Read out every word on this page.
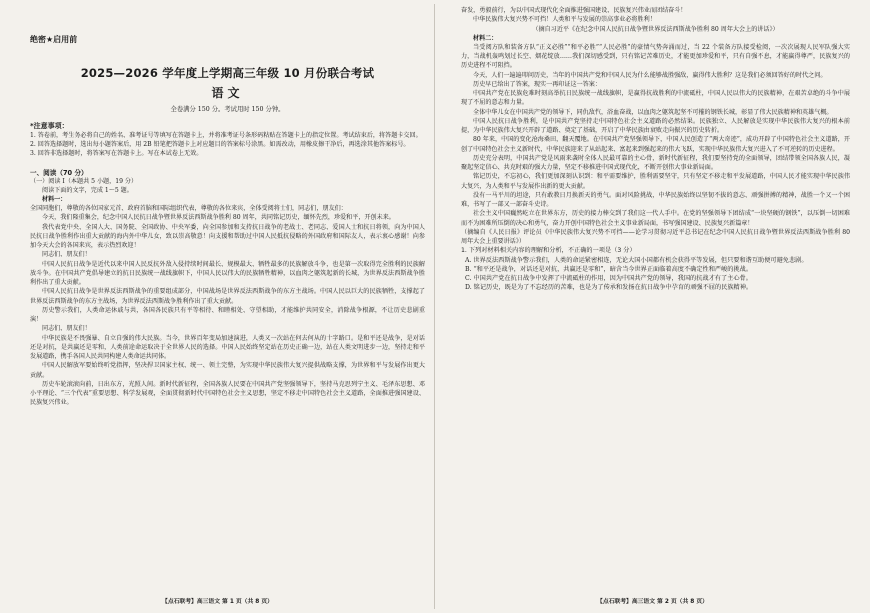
绝密★启用前
2025—2026 学年度上学期高三年级 10 月份联合考试
语文
全卷满分 150 分。考试用时 150 分钟。
*注意事项：
1. 答卷前，考生务必将自己的姓名、准考证号等填写在答题卡上，并将准考证号条形码粘贴在答题卡上的指定位置。考试结束后，将答题卡交回。
2. 回答选择题时，选出每小题答案后，用 2B 铅笔把答题卡上对应题目的答案标号涂黑。如需改动，用橡皮擦干净后，再选涂其他答案标号。
3. 回答非选择题时，将答案写在答题卡上。写在本试卷上无效。
一、阅读（70 分）
（一）阅读 Ⅰ（本题共 5 小题，19 分）
阅读下面的文字，完成 1～5 题。
材料一：
全国同胞们，尊敬的各位国家元首、政府首脑和国际组织代表，尊敬的各位来宾，全体受阅将士们，同志们，朋友们：
今天，我们隆重集会，纪念中国人民抗日战争暨世界反法西斯战争胜利 80 周年，共同铭记历史，缅怀先烈，珍爱和平，开创未来。
我代表党中央、全国人大、国务院、全国政协、中央军委，向全国参加和支持抗日战争的老战士、老同志、爱国人士和抗日将领，向为中国人民抗日战争胜利作出重大贡献的海内外中华儿女，致以崇高敬意！向支援和帮助过中国人民抵抗侵略的外国政府和国际友人，表示衷心感谢！向参加今天大会的各国来宾，表示热烈欢迎！
同志们、朋友们！
中国人民抗日战争是近代以来中国人民反抗外敌入侵持续时间最长、规模最大、牺牲最多的民族解放斗争，也是第一次取得完全胜利的民族解放斗争。在中国共产党倡导建立的抗日民族统一战线旗帜下，中国人民以伟大的民族牺牲精神，以血肉之躯筑起新的长城，为世界反法西斯战争胜利作出了重大贡献。
中国人民抗日战争是世界反法西斯战争的重要组成部分，中国战场是世界反法西斯战争的东方主战场。中国人民以巨大的民族牺牲，支撑起了世界反法西斯战争的东方主战场，为世界反法西斯战争胜利作出了重大贡献。
历史警示我们，人类命运休戚与共，各国各民族只有平等相待、和睦相处、守望相助，才能维护共同安全，消除战争根源，不让历史悲剧重演！
同志们、朋友们！
中华民族是不畏强暴、自立自强的伟大民族。当今，世界百年变局加速演进，人类又一次站在何去何从的十字路口。是和平还是战争，是对话还是对抗，是共赢还是零和，人类前途命运取决于全世界人民的选择。中国人民始终坚定站在历史正确一边，站在人类文明进步一边，坚持走和平发展道路，携手各国人民共同构建人类命运共同体。
中国人民解放军要始终听党指挥，坚决捍卫国家主权、统一、领土完整，为实现中华民族伟大复兴提供战略支撑，为世界和平与发展作出更大贡献。
历史车轮滚滚向前，日出东方，光照人间。新时代新征程，全国各族人民要在中国共产党坚强领导下，坚持马克思列宁主义、毛泽东思想、邓小平理论、“三个代表”重要思想、科学发展观，全面贯彻新时代中国特色社会主义思想，坚定不移走中国特色社会主义道路，全面推进强国建设、民族复兴伟业。
奋发，勇毅前行，为以中国式现代化全面推进强国建设、民族复兴伟业而团结奋斗！
中华民族伟大复兴势不可挡！人类和平与发展的崇高事业必将胜利！
（摘自习近平《在纪念中国人民抗日战争暨世界反法西斯战争胜利 80 周年大会上的讲话》）
材料二：
当受阅方队和装备方队“正义必胜”“和平必胜”“人民必胜”的豪情气势奔涌而过，当 22 个装备方队接受检阅，一次次展现人民军队强大实力，当战机轰鸣划过长空、烟花绽放……我们深切感受到，只有铭记苦难历史，才能更加珍爱和平，只有自强不息，才能赢得尊严，民族复兴的历史进程不可阻挡。
今天，人们一遍遍叩问历史，当年的中国共产党和中国人民为什么能够战胜强敌，赢得伟大胜利？这是我们必须回答好的时代之问。
历史早已给出了答案，现实一再印证这一答案：
中国共产党在民族危难时刻高举抗日民族统一战线旗帜，是赢得抗战胜利的中流砥柱，中国人民以伟大的民族精神，在艰苦卓绝的斗争中展现了不屈的意志和力量。
全体中华儿女在中国共产党的领导下，同仇敌忾，浴血奋战，以血肉之躯筑起坚不可摧的钢铁长城，彰显了伟大民族精神和英雄气概。
中国人民抗日战争胜利，是中国共产党坚持走中国特色社会主义道路的必然结果。民族独立、人民解放是实现中华民族伟大复兴的根本前提，为中华民族伟大复兴开辟了道路、奠定了基础，开启了中华民族由衰败走向振兴的历史转折。
80 年来，中国的变化沧海桑田，翻天覆地。在中国共产党坚强领导下，中国人民创造了“两大奇迹”，成功开辟了中国特色社会主义道路，开创了中国特色社会主义新时代，中华民族迎来了从站起来、富起来到强起来的伟大飞跃，实现中华民族伟大复兴进入了不可逆转的历史进程。
历史充分表明，中国共产党是风雨来袭时全体人民最可靠的主心骨，新时代新征程，我们要坚持党的全面领导，团结带领全国各族人民，凝聚起坚定信心、共克时艰的强大力量，坚定不移推进中国式现代化，不断开创伟大事业新局面。
铭记历史，不忘初心，我们更加深刻认识到：和平需要维护，胜利需要坚守，只有坚定不移走和平发展道路，中国人民才能实现中华民族伟大复兴，为人类和平与发展作出新的更大贡献。
没有一马平川的坦途，只有敢教日月换新天的勇气。面对风险挑战，中华民族始终以坚韧不拔的意志、顽强拼搏的精神，战胜一个又一个困难，书写了一部又一部奋斗史诗。
社会主义中国巍然屹立在世界东方，历史的接力棒交到了我们这一代人手中。在党的坚强领导下团结成“一块坚硬的钢铁”，以压倒一切困难而不为困难所压倒的决心和勇气，奋力开创中国特色社会主义事业新局面，书写强国建设、民族复兴新篇章！
（摘编自《人民日报》评论员《中华民族伟大复兴势不可挡——论学习贯彻习近平总书记在纪念中国人民抗日战争暨世界反法西斯战争胜利 80 周年大会上重要讲话》）
1. 下列对材料相关内容的理解和分析，不正确的一项是（3 分）
A. 世界反法西斯战争警示我们，人类的命运紧密相连，无论大国小国都有机会获得平等发展，但只要和谐互助便可避免悲剧。
B. “和平还是战争，对话还是对抗，共赢还是零和”，暗含当今世界正面临着高度不确定性和严峻的挑战。
C. 中国共产党在抗日战争中发挥了中流砥柱的作用，因为中国共产党的领导，我国的抗战才有了主心骨。
D. 铭记历史，既是为了不忘经历的苦难，也是为了传承和发扬在抗日战争中孕育的顽强不屈的民族精神。
【点石联考】高三语文 第 1 页（共 8 页）	【点石联考】高三语文 第 2 页（共 8 页）
